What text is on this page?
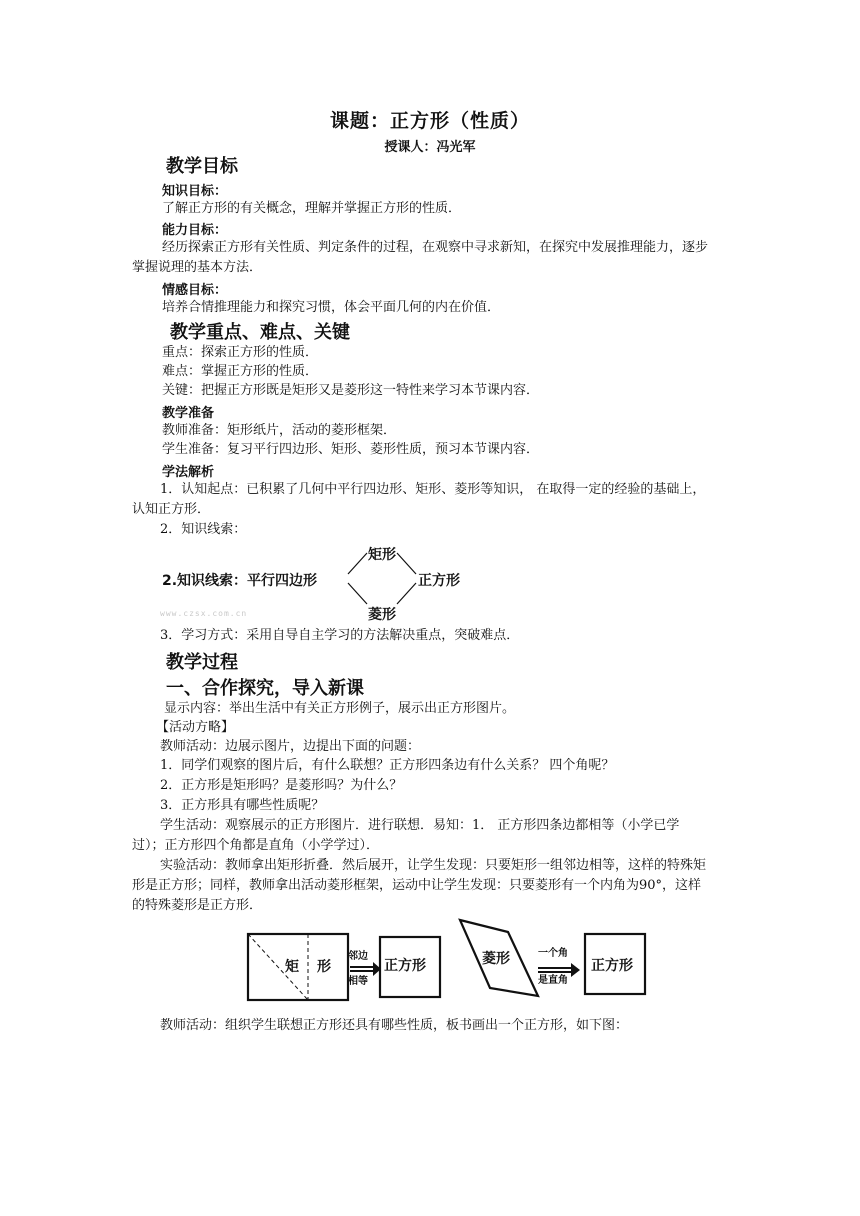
课题：正方形（性质）
授课人：冯光军
教学目标
知识目标：
了解正方形的有关概念，理解并掌握正方形的性质．
能力目标：
经历探索正方形有关性质、判定条件的过程，在观察中寻求新知，在探究中发展推理能力，逐步掌握说理的基本方法．
情感目标：
培养合情推理能力和探究习惯，体会平面几何的内在价值．
教学重点、难点、关键
重点：探索正方形的性质．
难点：掌握正方形的性质．
关键：把握正方形既是矩形又是菱形这一特性来学习本节课内容．
教学准备
教师准备：矩形纸片，活动的菱形框架．
学生准备：复习平行四边形、矩形、菱形性质，预习本节课内容．
学法解析
1．认知起点：已积累了几何中平行四边形、矩形、菱形等知识， 在取得一定的经验的基础上，认知正方形．
2．知识线索：
2.知识线索：平行四边形
矩形
菱形
正方形
www.czsx.com.cn
3．学习方式：采用自导自主学习的方法解决重点，突破难点．
教学过程
一、合作探究，导入新课
显示内容：举出生活中有关正方形例子，展示出正方形图片。
【活动方略】
教师活动：边展示图片，边提出下面的问题：
1．同学们观察的图片后，有什么联想？正方形四条边有什么关系？ 四个角呢？
2．正方形是矩形吗？是菱形吗？为什么？
3．正方形具有哪些性质呢？
学生活动：观察展示的正方形图片．进行联想．易知：1． 正方形四条边都相等（小学已学过）；正方形四个角都是直角（小学学过）．
实验活动：教师拿出矩形折叠．然后展开，让学生发现：只要矩形一组邻边相等，这样的特殊矩形是正方形；同样，教师拿出活动菱形框架，运动中让学生发现：只要菱形有一个内角为90°，这样的特殊菱形是正方形．
矩 形
邻边
相等
正方形	菱形	一个角
是直角
正方形
教师活动：组织学生联想正方形还具有哪些性质，板书画出一个正方形，如下图：
